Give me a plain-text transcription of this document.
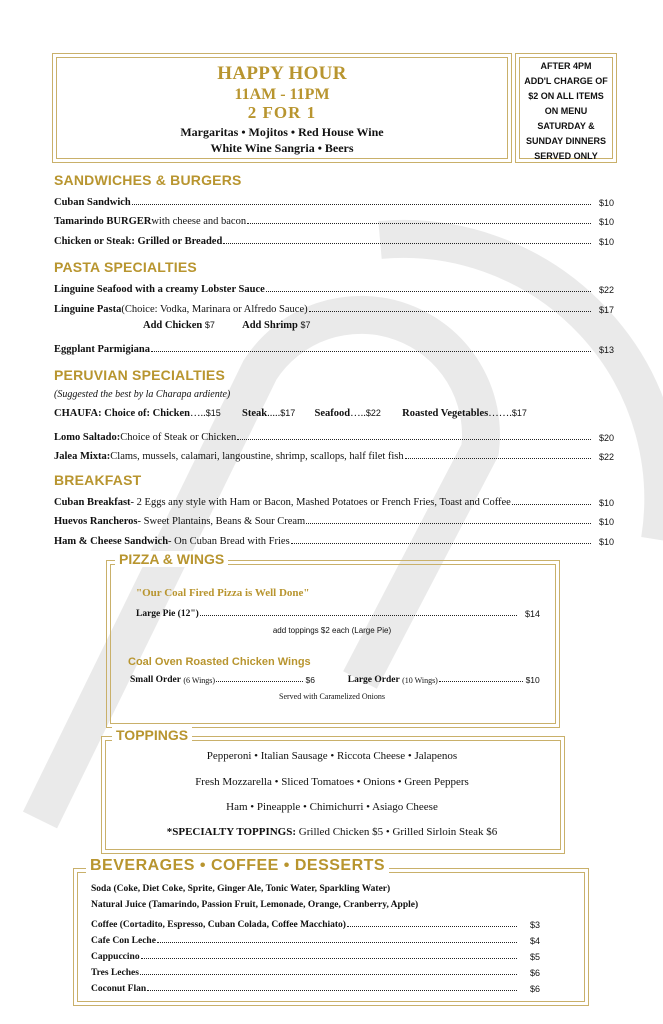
HAPPY HOUR
11AM - 11PM
2 FOR 1
Margaritas • Mojitos • Red House Wine
White Wine Sangria • Beers
AFTER 4PM
ADD'L CHARGE OF
$2 ON ALL ITEMS
ON MENU
SATURDAY &
SUNDAY DINNERS
SERVED ONLY
SANDWICHES & BURGERS
Cuban Sandwich	$10
Tamarindo BURGER with cheese and bacon	$10
Chicken or Steak: Grilled or Breaded	$10
PASTA SPECIALTIES
Linguine Seafood with a creamy Lobster Sauce	$22
Linguine Pasta (Choice: Vodka, Marinara or Alfredo Sauce)	$17
Add Chicken $7	Add Shrimp $7
Eggplant Parmigiana	$13
PERUVIAN SPECIALTIES
(Suggested the best by la Charapa ardiente)
CHAUFA: Choice of: Chicken…..$15 Steak.....$17 Seafood…..$22 Roasted Vegetables…….$17
Lomo Saltado: Choice of Steak or Chicken	$20
Jalea Mixta: Clams, mussels, calamari, langoustine, shrimp, scallops, half filet fish	$22
BREAKFAST
Cuban Breakfast - 2 Eggs any style with Ham or Bacon, Mashed Potatoes or French Fries, Toast and Coffee	$10
Huevos Rancheros - Sweet Plantains, Beans & Sour Cream	$10
Ham & Cheese Sandwich - On Cuban Bread with Fries	$10
PIZZA & WINGS
"Our Coal Fired Pizza is Well Done"
Large Pie (12")	$14
add toppings $2 each (Large Pie)
Coal Oven Roasted Chicken Wings
Small Order
(6 Wings)	$6
	Large Order
(10 Wings)	$10
Served with Caramelized Onions
TOPPINGS
Pepperoni • Italian Sausage • Riccota Cheese • Jalapenos
Fresh Mozzarella • Sliced Tomatoes • Onions • Green Peppers
Ham • Pineapple • Chimichurri • Asiago Cheese
*SPECIALTY TOPPINGS: Grilled Chicken $5 • Grilled Sirloin Steak $6
BEVERAGES • COFFEE • DESSERTS
Soda (Coke, Diet Coke, Sprite, Ginger Ale, Tonic Water, Sparkling Water)
Natural Juice (Tamarindo, Passion Fruit, Lemonade, Orange, Cranberry, Apple)
Coffee (Cortadito, Espresso, Cuban Colada, Coffee Macchiato)	$3
Cafe Con Leche	$4
Cappuccino	$5
Tres Leches	$6
Coconut Flan	$6
